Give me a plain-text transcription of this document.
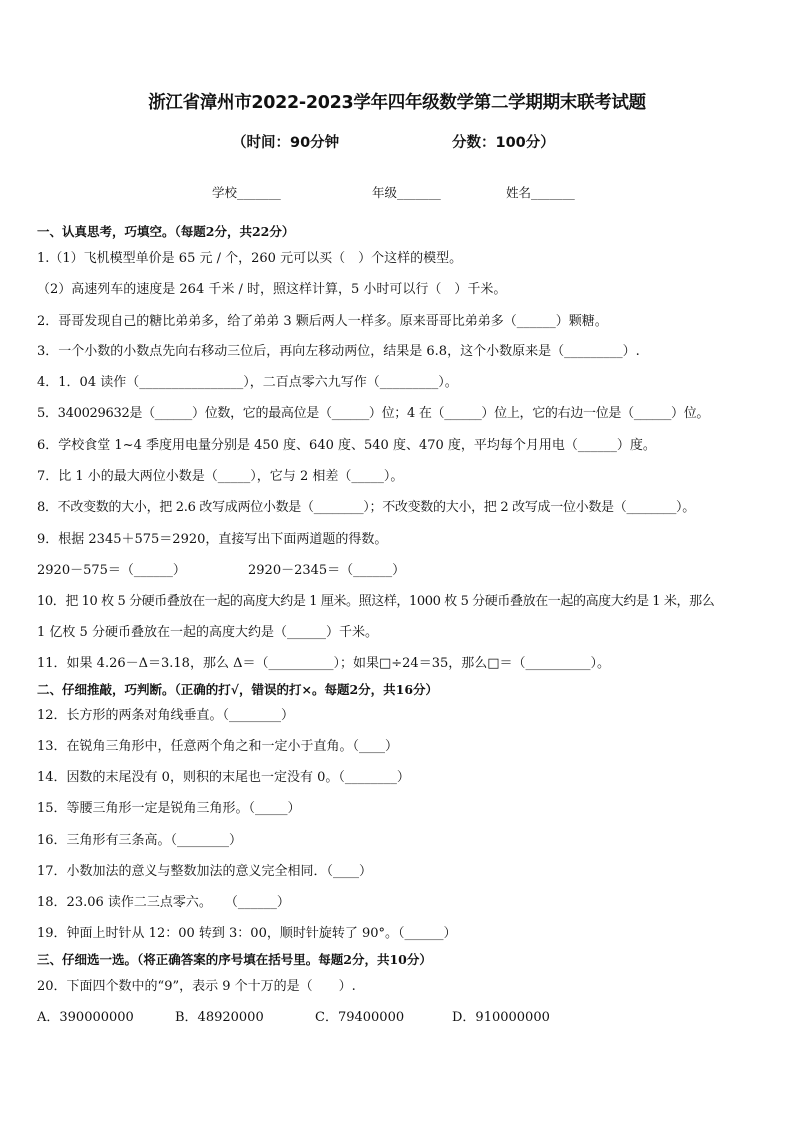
浙江省漳州市2022-2023学年四年级数学第二学期期末联考试题
（时间：90分钟	分数：100分）
学校_______	年级_______	姓名_______
一、认真思考，巧填空。（每题2分，共22分）
1.（1）飞机模型单价是 65 元 / 个，260 元可以买（　）个这样的模型。
（2）高速列车的速度是 264 千米 / 时，照这样计算，5 小时可以行（　）千米。
2．哥哥发现自己的糖比弟弟多，给了弟弟 3 颗后两人一样多。原来哥哥比弟弟多（______）颗糖。
3．一个小数的小数点先向右移动三位后，再向左移动两位，结果是 6.8，这个小数原来是（_________）.
4．1．04 读作（________________），二百点零六九写作（_________）。
5．340029632是（______）位数，它的最高位是（______）位；4 在（______）位上，它的右边一位是（______）位。
6．学校食堂 1~4 季度用电量分别是 450 度、640 度、540 度、470 度，平均每个月用电（______）度。
7．比 1 小的最大两位小数是（_____），它与 2 相差（_____）。
8．不改变数的大小，把 2.6 改写成两位小数是（________）；不改变数的大小，把 2 改写成一位小数是（________）。
9．根据 2345＋575＝2920，直接写出下面两道题的得数。
2920－575＝（______）	2920－2345＝（______）
10．把 10 枚 5 分硬币叠放在一起的高度大约是 1 厘米。照这样，1000 枚 5 分硬币叠放在一起的高度大约是 1 米，那么
1 亿枚 5 分硬币叠放在一起的高度大约是（______）千米。
11．如果 4.26－Δ＝3.18，那么 Δ＝（__________）；如果□÷24＝35，那么□＝（__________）。
二、仔细推敲，巧判断。（正确的打√，错误的打×。每题2分，共16分）
12．长方形的两条对角线垂直。（________）
13．在锐角三角形中，任意两个角之和一定小于直角。（____）
14．因数的末尾没有 0，则积的末尾也一定没有 0。（________）
15．等腰三角形一定是锐角三角形。（_____）
16．三角形有三条高。（________）
17．小数加法的意义与整数加法的意义完全相同．（____）
18．23.06 读作二三点零六。　　（______）
19．钟面上时针从 12：00 转到 3：00，顺时针旋转了 90°。（______）
三、仔细选一选。（将正确答案的序号填在括号里。每题2分，共10分）
20．下面四个数中的“9”，表示 9 个十万的是（　　）.
A．390000000	B．48920000	C．79400000	D．910000000
